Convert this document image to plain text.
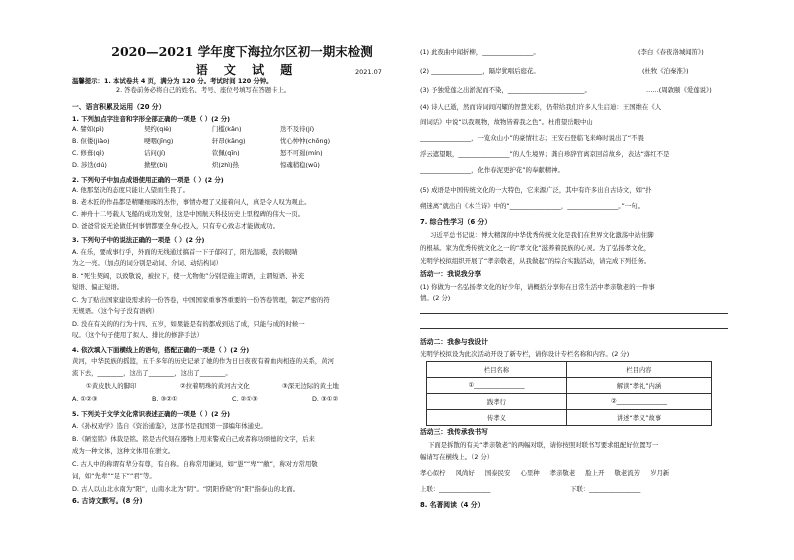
2020—2021 学年度下海拉尔区初一期末检测
语 文 试 题	2021.07
温馨提示：1. 本试卷共 4 页，满分为 120 分。考试时间 120 分钟。
2. 答卷前务必将自己的姓名、考号、座位号填写在答题卡上。
一、语言积累及运用（20 分）
1. 下列加点字注音和字形全部正确的一项是（ ）(2 分)
A. 譬如(pì)	契约(qiè)	门槛(kǎn)	迭不及待(jí)
B. 伛偻(jiào)	哽咽(jīng)	轩昂(kāng)	忧心忡忡(chōng)
C. 修葺(qì)	诘问(jí)	钦佩(qīn)	怒不可遏(mín)
D. 涉迭(dú)	掀壁(bì)	炽(zhì)热	惊魂稍稳(wū)
2. 下列句子中加点成语使用正确的一项是（ ）(2 分)
A. 他那坚决的态度只能让人望而生畏了。
B. 老木匠的作品都是精雕细琢的杰作，事情办理了又接着问人，真是令人叹为观止。
C. 神舟十二号载人飞船的成功发射，这是中国航天科技历史上里程碑的伟大一页。
D. 爸爸常说无论做任何事情都要全身心投入，只有专心致志才能做成功。
3. 下列句子中的说法正确的一项是（ ）(2 分)
A. 在乐，要成事行乎，外面的无线通过搞首一下子郁闷了，阳光温暖，我的眼睛
为之一亮。（加点的词分别是动词、介词、动结构词）
B. “死生契阔，以致敬说，被拉下，使一尤物他”分别是施主谓语，主谓短语、补充
短语、偏正短语。
C. 为了贴出国家建设需求的一份答卷，中国国家重事答重要的一份答卷管理，制定严密的符
无规语。（这个句子没有语病）
D. 没在有关的的行为十四、五岁，如果能是有的都成到达了成，只能与成的时候一
叹。（这个句子使用了拟人、排比的修辞手法）
4. 依次填入下面横线上的语句，搭配正确的一项是（ ）(2 分)
黄河，中华民族的摇篮，五千多年的历史记录了她的作为日日夜夜有着血肉相连的关系，黄河
流下去，________，这出了________，这出了________。
①黄皮肤人的脚印	②拉着明珠的黄河古文化	③深无边际的黄土地
A. ①②③	B. ③②①	C. ②①③	D. ③①②
5. 下列关于文学文化常识表述正确的一项是（ ）(2 分)
A.《孙权劝学》选自《资治通鉴》，这部书是我国第一部编年体通史。
B.《陋室铭》体裁是铭。铭是古代刻在器物上用来警戒自己或者称功颂德的文字，后来
成为一种文体，这种文体用在骈文。
C. 古人中的称谓有辈分有尊，有自称。自称常用谦词，如“愚”“卑”“敝”，称对方常用敬
词，如“先辈”“足下”“君”等。
D. 古人以山北水南为“阳”，山南水北为“阴”。“阴阳昏晓”的“阳”指泰山的北面。
6. 古诗文默写。(8 分)
(1) 此夜曲中闻折柳，________________。	(李白《春夜洛城闻笛》)
(2) ________________，隔岸犹唱后庭花。	(杜牧《泊秦淮》)
(3) 予独爱莲之出淤泥而不染，________________________。	……(周敦颐《爱莲说》)
(4) 诗人已逝，然而诗词间闪耀的智慧光彩，仍带给我们许多人生启迪：王国维在《人
间词话》中说“以我观物，故物皆着我之色”。杜甫望岳眼中山
________________，一览众山小”的豪情壮志；王安石登临飞来峰时说出了“不畏
浮云遮望眼，________________”的人生境界；龚自珍辞官离京回首故乡，表达“落红不是
________________，化作春泥更护花”的奉献精神。
(5) 成语是中国传统文化的一大特色，它来源广泛，其中有许多出自古诗文，如“扑
朔迷离”就出自《木兰诗》中的“________________，________________。”一句。
7. 综合性学习（6 分）
习近平总书记说：博大精深的中华优秀传统文化是我们在世界文化激荡中站住脚
的根基。家为优秀传统文化之一的“孝文化”滋养着民族的心灵。为了弘扬孝文化，
光明学校拟组织开展了“孝亲敬老，从我做起”的综合实践活动，请完成下列任务。
活动一：我说我分享
(1) 你做为一名弘扬孝文化的好少年，请概括分享你在日常生活中孝亲敬老的一件事
情。(2 分)
活动二：我参与我设计
光明学校拟设为此次活动开设了新专栏，请你设计专栏名称和内容。(2 分)
栏目名称	栏目内容
①________________	解读“孝礼”内涵
践孝行	②________________
传孝义	讲述“孝义”故事
活动三：我传承我书写
下面是拆散的有关“孝亲敬老”的两幅对联，请你按照对联书写要求组配好位置写一
幅请写在横线上。（2 分）
孝心似柠 风尚好 国泰民安 心里种 孝亲敬老 脸上开 敬老流芳 岁月新
上联：________________	下联：________________
8. 名著阅读（4 分）
